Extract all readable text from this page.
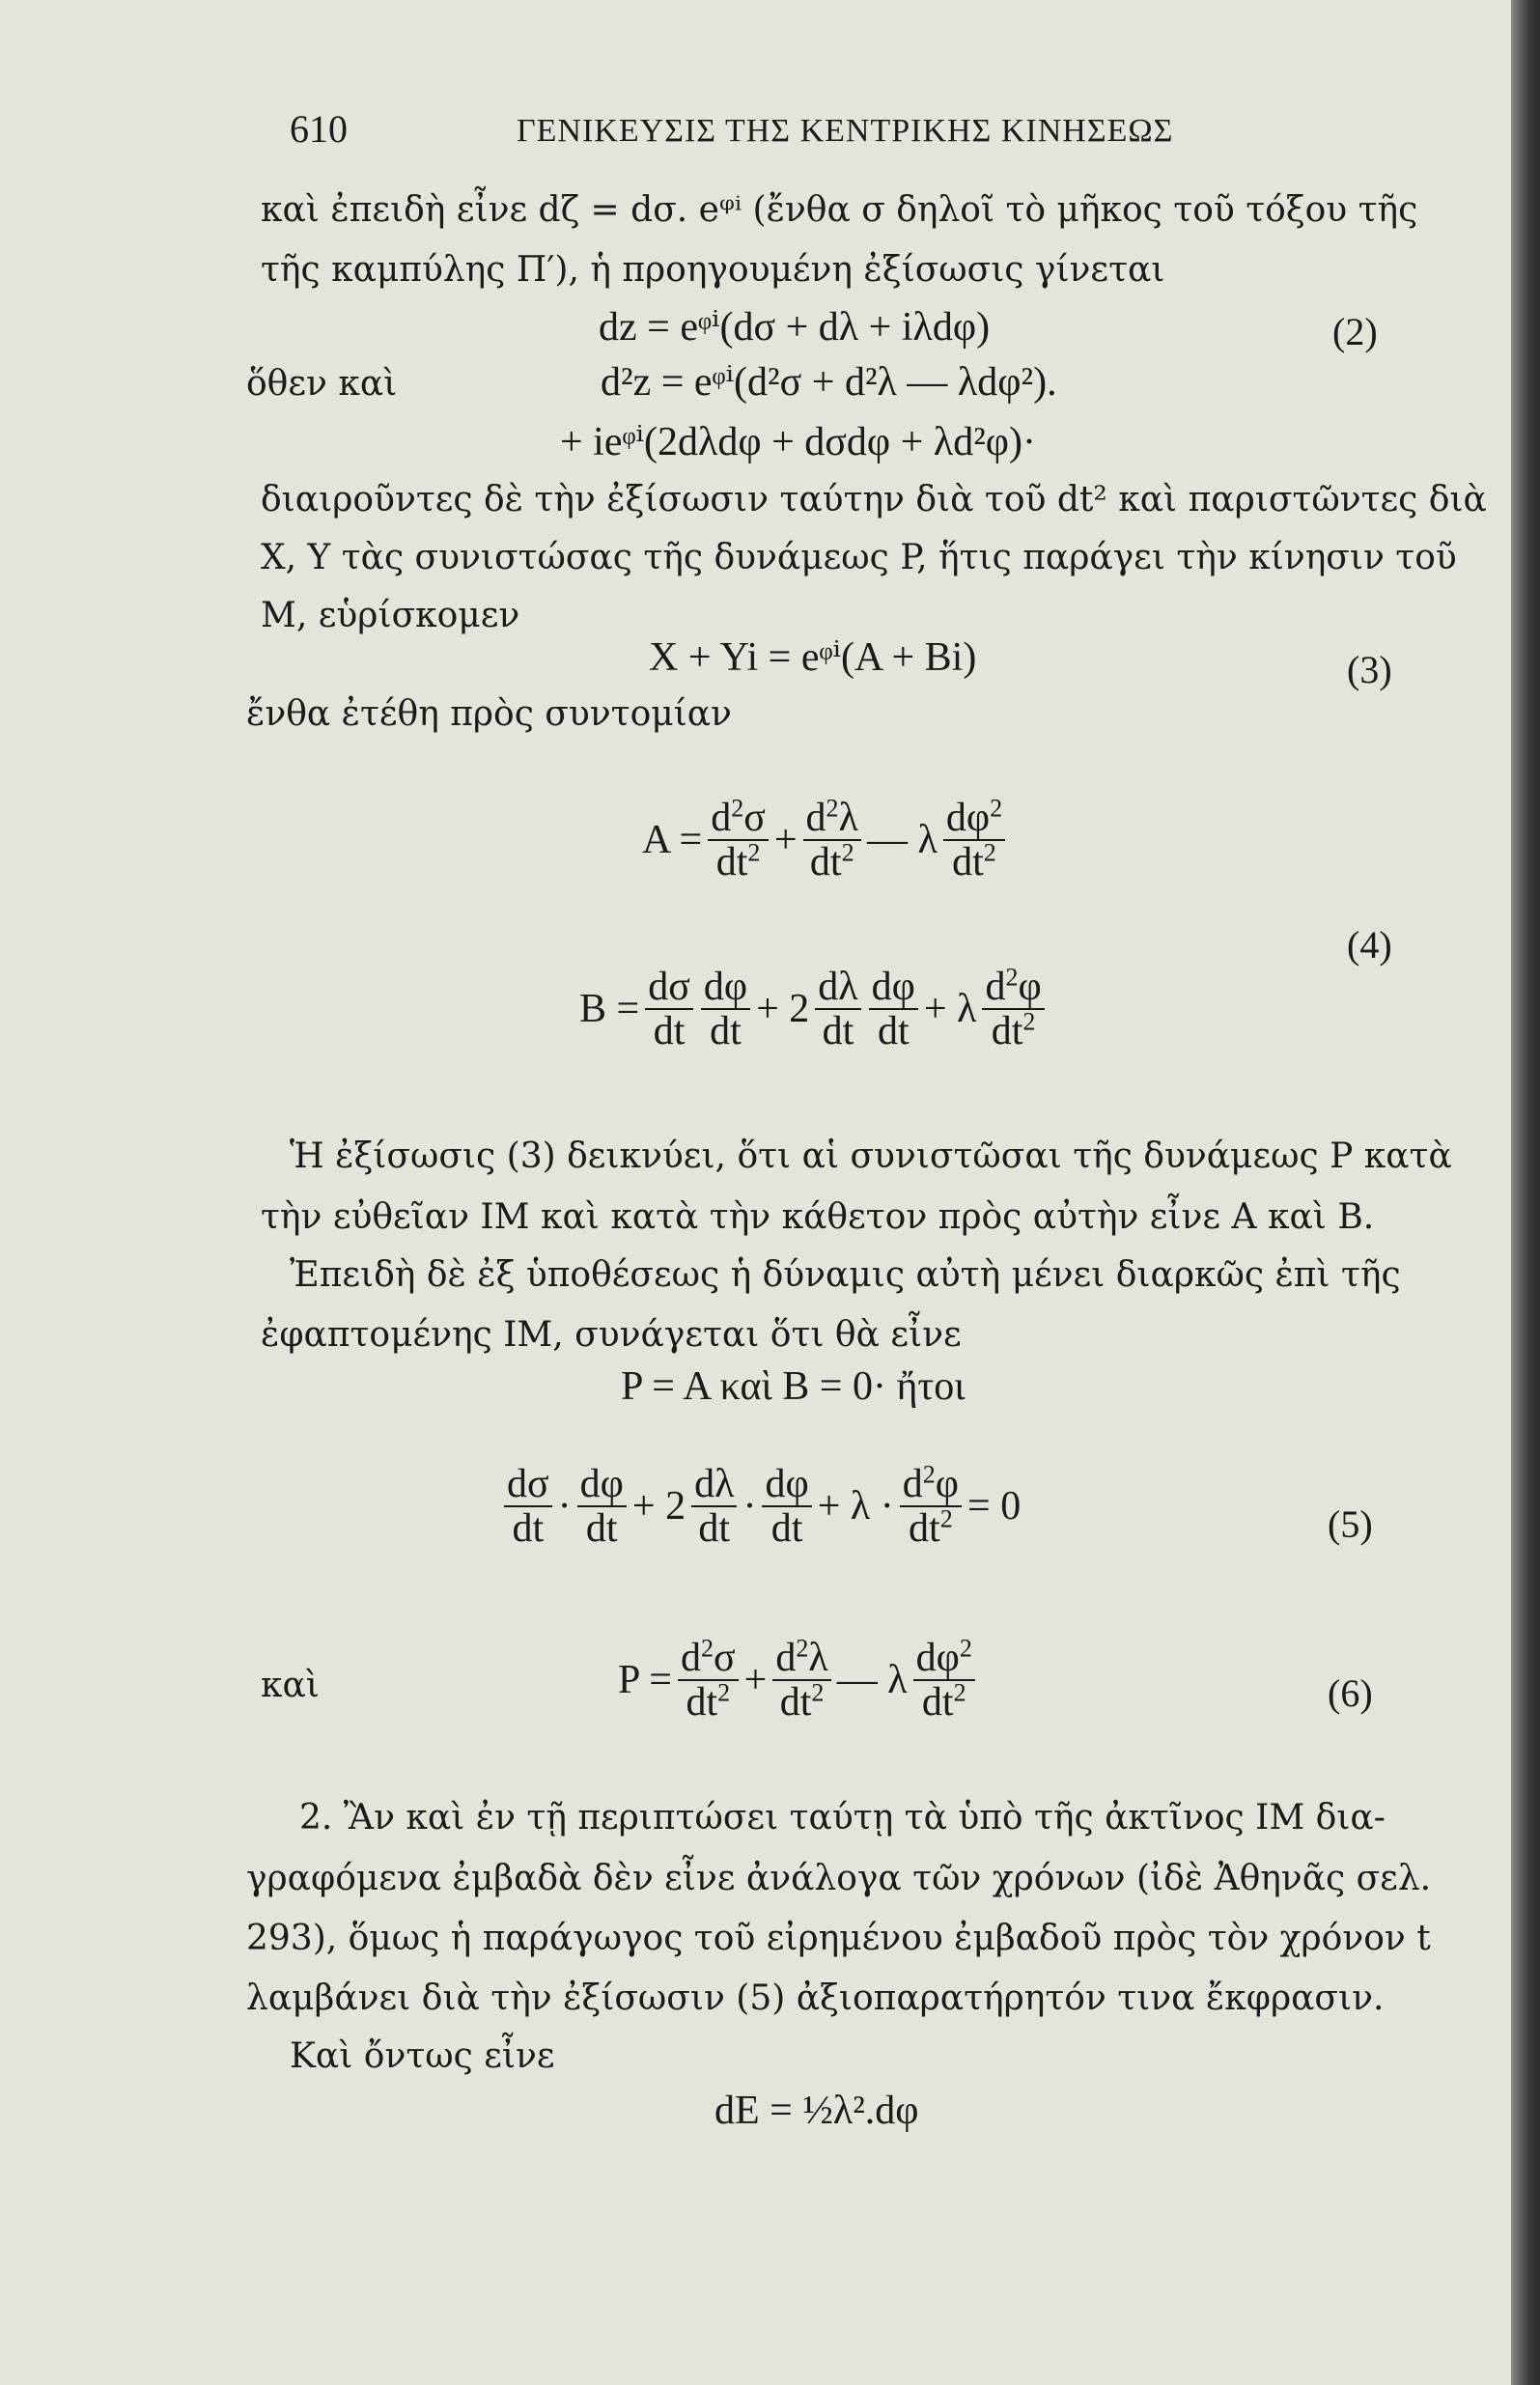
610	ΓΕΝΙΚΕΥΣΙΣ ΤΗΣ ΚΕΝΤΡΙΚΗΣ ΚΙΝΗΣΕΩΣ
καὶ ἐπειδὴ εἶνε dζ = dσ. eᵠⁱ (ἔνθα σ δηλοῖ τὸ μῆκος τοῦ τόξου τῆς
τῆς καμπύλης Π′), ἡ προηγουμένη ἐξίσωσις γίνεται
dz = eᵠⁱ(dσ + dλ + iλdφ)	(2)
ὅθεν καὶ	d²z = eᵠⁱ(d²σ + d²λ — λdφ²).
+ ieᵠⁱ(2dλdφ + dσdφ + λd²φ)·
διαιροῦντες δὲ τὴν ἐξίσωσιν ταύτην διὰ τοῦ dt² καὶ παριστῶντες διὰ
X, Y τὰς συνιστώσας τῆς δυνάμεως P, ἥτις παράγει τὴν κίνησιν τοῦ
M, εὑρίσκομεν
X + Yi = eᵠⁱ(A + Bi)	(3)
ἔνθα ἐτέθη πρὸς συντομίαν
$A = \frac{d^2\sigma}{dt^2} + \frac{d^2\lambda}{dt^2}$ — λ $\frac{d\varphi^2}{dt^2}$
(4)
$B = \frac{d\sigma}{dt} \frac{d\varphi}{dt} + 2 \frac{d\lambda}{dt} \frac{d\varphi}{dt} + \lambda \frac{d^2\varphi}{dt^2}$
Ἡ ἐξίσωσις (3) δεικνύει, ὅτι αἱ συνιστῶσαι τῆς δυνάμεως P κατὰ
τὴν εὐθεῖαν IM καὶ κατὰ τὴν κάθετον πρὸς αὐτὴν εἶνε A καὶ B.
Ἐπειδὴ δὲ ἐξ ὑποθέσεως ἡ δύναμις αὐτὴ μένει διαρκῶς ἐπὶ τῆς
ἐφαπτομένης IM, συνάγεται ὅτι θὰ εἶνε
P = A καὶ B = 0· ἤτοι
$\frac{d\sigma}{dt} \cdot \frac{d\varphi}{dt} + 2 \frac{d\lambda}{dt} \cdot \frac{d\varphi}{dt} + \lambda \cdot \frac{d^2\varphi}{dt^2} = 0$	(5)
καὶ	$P = \frac{d^2\sigma}{dt^2} + \frac{d^2\lambda}{dt^2}$ — λ $\frac{d\varphi^2}{dt^2}$	(6)
2. Ἂν καὶ ἐν τῇ περιπτώσει ταύτῃ τὰ ὑπὸ τῆς ἀκτῖνος IM δια-
γραφόμενα ἐμβαδὰ δὲν εἶνε ἀνάλογα τῶν χρόνων (ἰδὲ Ἀθηνᾶς σελ.
293), ὅμως ἡ παράγωγος τοῦ εἰρημένου ἐμβαδοῦ πρὸς τὸν χρόνον t
λαμβάνει διὰ τὴν ἐξίσωσιν (5) ἀξιοπαρατήρητόν τινα ἔκφρασιν.
Καὶ ὄντως εἶνε
dE = ½λ².dφ
